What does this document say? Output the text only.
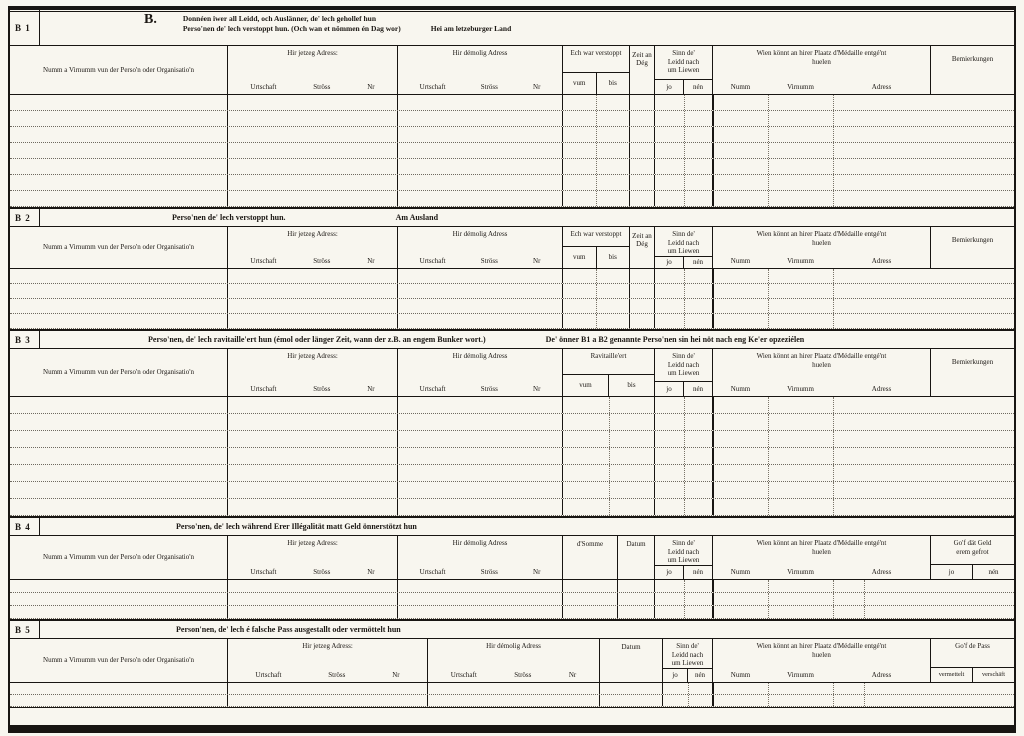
B 1
B.	Donnéen iwer all Leidd, och Auslänner, de' lech gehollef hun
Perso'nen de' lech verstoppt hun. (Och wan et nömmen én Dag wor)	Hei am letzeburger Land
Numm a Virnumm vun der Perso'n oder Organisatio'n
Hir jetzeg Adress:
Urtschaft	Ströss	Nr
Hir démolig Adress
Urtschaft	Ströss	Nr
Ech war verstoppt
vum	bis
Zeit an Dég
Sinn de' Leidd nach um Liewen
jo	nén
Wien könnt an hirer Plaatz d'Médaille entgé'nt huelen
Numm	Virnumm	Adress
Bemierkungen
B 2	Perso'nen de' lech verstoppt hun.	Am Ausland
Numm a Virnumm vun der Perso'n oder Organisatio'n
Hir jetzeg Adress:
Urtschaft	Ströss	Nr
Hir démolig Adress
Urtschaft	Ströss	Nr
Ech war verstoppt
vum	bis
Zeit an Dég
Sinn de' Leidd nach um Liewen
jo	nén
Wien könnt an hirer Plaatz d'Médaille entgé'nt huelen
Numm	Virnumm	Adress
Bemierkungen
B 3	Perso'nen, de' lech ravitaille'ert hun (émol oder länger Zeit, wann der z.B. an engem Bunker wort.)	De' önner B1 a B2 genannte Perso'nen sin hei nöt nach eng Ke'er opzeziélen
Numm a Virnumm vun der Perso'n oder Organisatio'n
Hir jetzeg Adress:
Urtschaft	Ströss	Nr
Hir démolig Adress
Urtschaft	Ströss	Nr
Ravitaille'ert
vum	bis
Sinn de' Leidd nach um Liewen
jo	nén
Wien könnt an hirer Plaatz d'Médaille entgé'nt huelen
Numm	Virnumm	Adress
Bemierkungen
B 4	Perso'nen, de' lech während Erer Illégalität matt Geld önnerstötzt hun
Numm a Virnumm vun der Perso'n oder Organisatio'n
Hir jetzeg Adress:
Urtschaft	Ströss	Nr
Hir démolig Adress
Urtschaft	Ströss	Nr
d'Somme	Datum	Sinn de' Leidd nach um Liewen
jo	nén
Wien könnt an hirer Plaatz d'Médaille entgé'nt huelen
Numm	Virnumm	Adress
Go'f dät Geld erem gefrot
jo	nén
B 5	Person'nen, de' lech é falsche Pass ausgestallt oder vermöttelt hun
Numm a Virnumm vun der Perso'n oder Organisatio'n
Hir jetzeg Adress:
Urtschaft	Ströss	Nr
Hir démolig Adress
Urtschaft	Ströss	Nr
Datum	Sinn de' Leidd nach um Liewen
jo	nén
Wien könnt an hirer Plaatz d'Médaille entgé'nt huelen
Numm	Virnumm	Adress
Go'f de Pass
vermettelt	verschäft
